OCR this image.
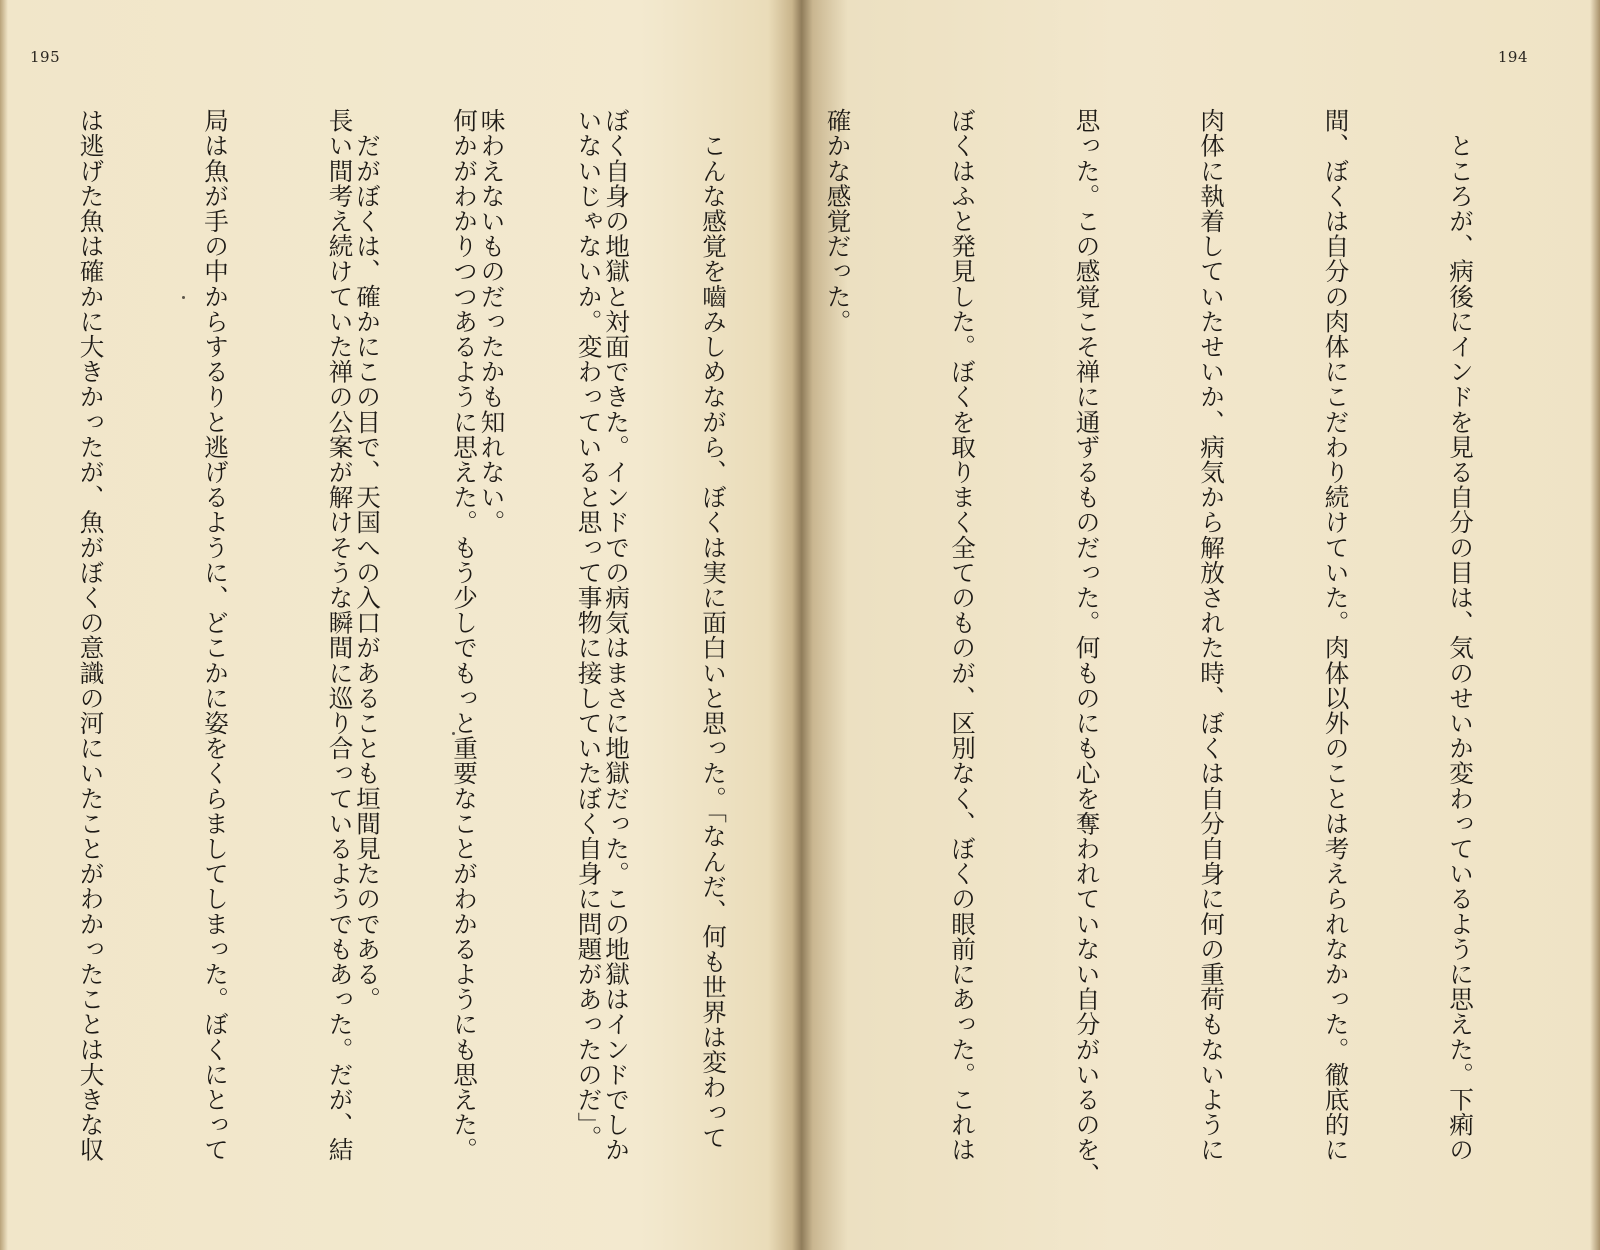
195

ぼく自身の地獄と対面できた。インドでの病気はまさに地獄だった。この地獄はインドでしか

味わえないものだったかも知れない。

　だがぼくは、確かにこの目で、天国への入口があることも垣間見たのである。

194

　ところが、病後にインドを見る自分の目は、気のせいか変わっているように思えた。下痢の

間、ぼくは自分の肉体にこだわり続けていた。肉体以外のことは考えられなかった。徹底的に

肉体に執着していたせいか、病気から解放された時、ぼくは自分自身に何の重荷もないように

思った。この感覚こそ禅に通ずるものだった。何ものにも心を奪われていない自分がいるのを、

ぼくはふと発見した。ぼくを取りまく全てのものが、区別なく、ぼくの眼前にあった。これは

確かな感覚だった。

　こんな感覚を嚙みしめながら、ぼくは実に面白いと思った。「なんだ、何も世界は変わって

いないじゃないか。変わっていると思って事物に接していたぼく自身に問題があったのだ」。

何かがわかりつつあるように思えた。もう少しでもっと重要なことがわかるようにも思えた。

長い間考え続けていた禅の公案が解けそうな瞬間に巡り合っているようでもあった。だが、結

局は魚が手の中からするりと逃げるように、どこかに姿をくらましてしまった。ぼくにとって

は逃げた魚は確かに大きかったが、魚がぼくの意識の河にいたことがわかったことは大きな収
